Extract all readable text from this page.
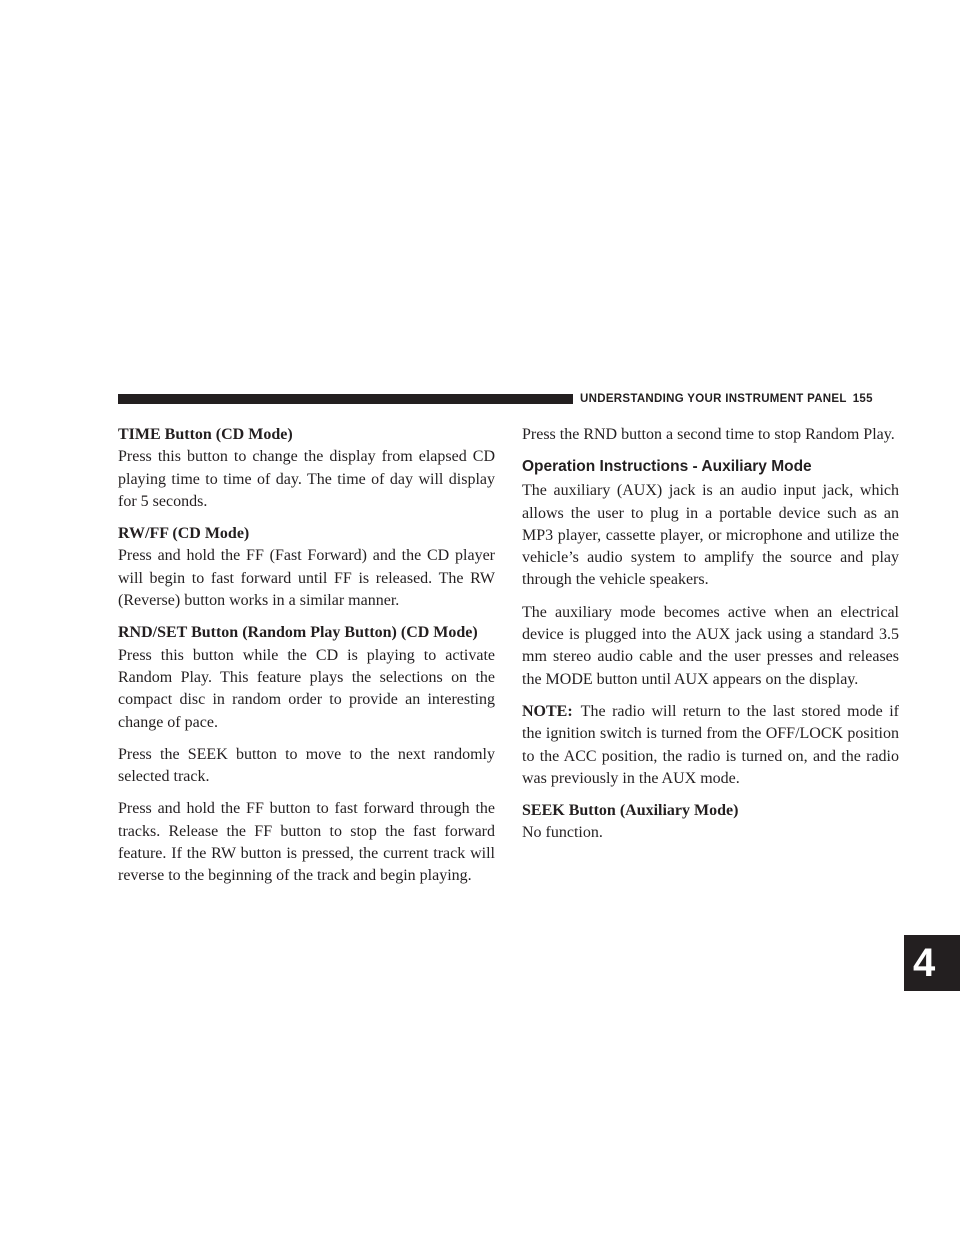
UNDERSTANDING YOUR INSTRUMENT PANEL 155
4
TIME Button (CD Mode)

Press this button to change the display from elapsed CD playing time to time of day. The time of day will display for 5 seconds.

RW/FF (CD Mode)

Press and hold the FF (Fast Forward) and the CD player will begin to fast forward until FF is released. The RW (Reverse) button works in a similar manner.

RND/SET Button (Random Play Button) (CD Mode)

Press this button while the CD is playing to activate Random Play. This feature plays the selections on the compact disc in random order to provide an interesting change of pace.

Press the SEEK button to move to the next randomly selected track.

Press and hold the FF button to fast forward through the tracks. Release the FF button to stop the fast forward feature. If the RW button is pressed, the current track will reverse to the beginning of the track and begin playing.

Press the RND button a second time to stop Random Play.

Operation Instructions - Auxiliary Mode

The auxiliary (AUX) jack is an audio input jack, which allows the user to plug in a portable device such as an MP3 player, cassette player, or microphone and utilize the vehicle’s audio system to amplify the source and play through the vehicle speakers.

The auxiliary mode becomes active when an electrical device is plugged into the AUX jack using a standard 3.5 mm stereo audio cable and the user presses and releases the MODE button until AUX appears on the display.

NOTE: The radio will return to the last stored mode if the ignition switch is turned from the OFF/LOCK position to the ACC position, the radio is turned on, and the radio was previously in the AUX mode.

SEEK Button (Auxiliary Mode)

No function.
